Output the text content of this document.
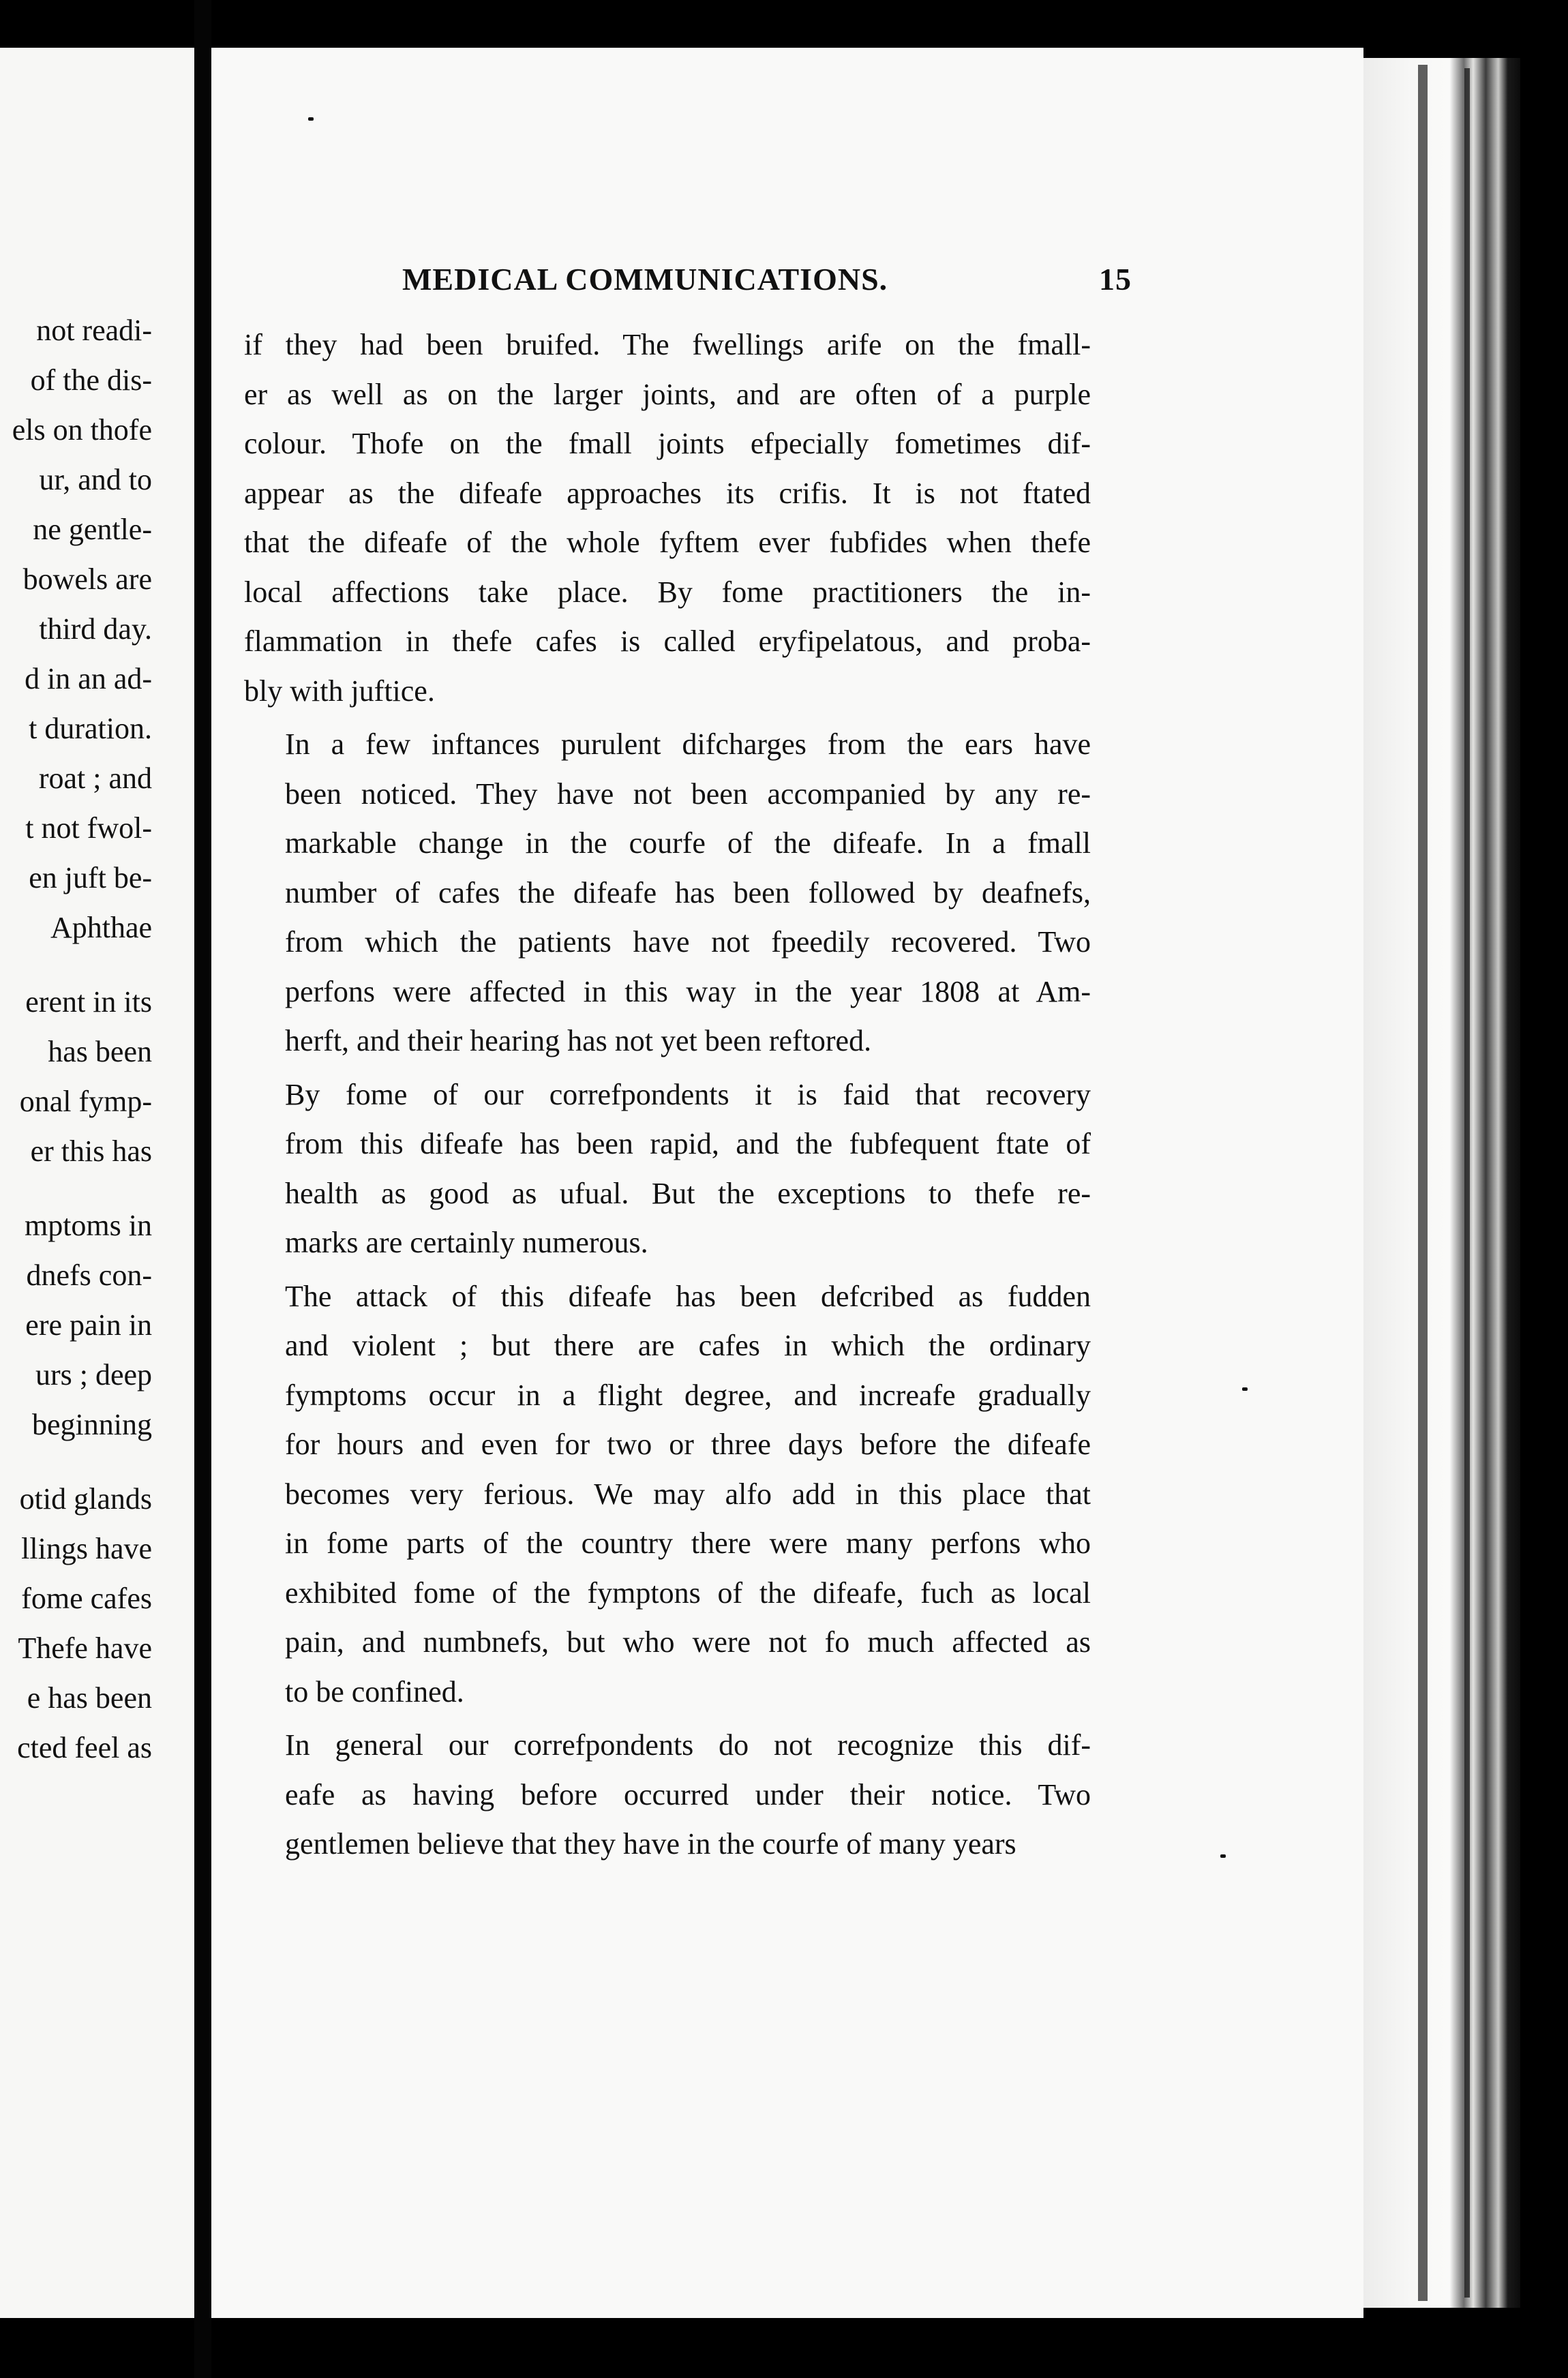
not readi-
of the dis-
els on thofe
ur, and to
ne gentle-
bowels are
third day.
d in an ad-
t duration.
roat ; and
t not fwol-
en juft be-
Aphthae
erent in its
has been
onal fymp-
er this has
mptoms in
dnefs con-
ere pain in
urs ; deep
beginning
otid glands
llings have
fome cafes
Thefe have
e has been
cted feel as
MEDICAL COMMUNICATIONS.	15
if they had been bruifed. The fwellings arife on the fmall-
er as well as on the larger joints, and are often of a purple
colour. Thofe on the fmall joints efpecially fometimes dif-
appear as the difeafe approaches its crifis. It is not ftated
that the difeafe of the whole fyftem ever fubfides when thefe
local affections take place. By fome practitioners the in-
flammation in thefe cafes is called eryfipelatous, and proba-
bly with juftice.
In a few inftances purulent difcharges from the ears have
been noticed. They have not been accompanied by any re-
markable change in the courfe of the difeafe. In a fmall
number of cafes the difeafe has been followed by deafnefs,
from which the patients have not fpeedily recovered. Two
perfons were affected in this way in the year 1808 at Am-
herft, and their hearing has not yet been reftored.
By fome of our correfpondents it is faid that recovery
from this difeafe has been rapid, and the fubfequent ftate of
health as good as ufual. But the exceptions to thefe re-
marks are certainly numerous.
The attack of this difeafe has been defcribed as fudden
and violent ; but there are cafes in which the ordinary
fymptoms occur in a flight degree, and increafe gradually
for hours and even for two or three days before the difeafe
becomes very ferious. We may alfo add in this place that
in fome parts of the country there were many perfons who
exhibited fome of the fymptons of the difeafe, fuch as local
pain, and numbnefs, but who were not fo much affected as
to be confined.
In general our correfpondents do not recognize this dif-
eafe as having before occurred under their notice. Two
gentlemen believe that they have in the courfe of many years
